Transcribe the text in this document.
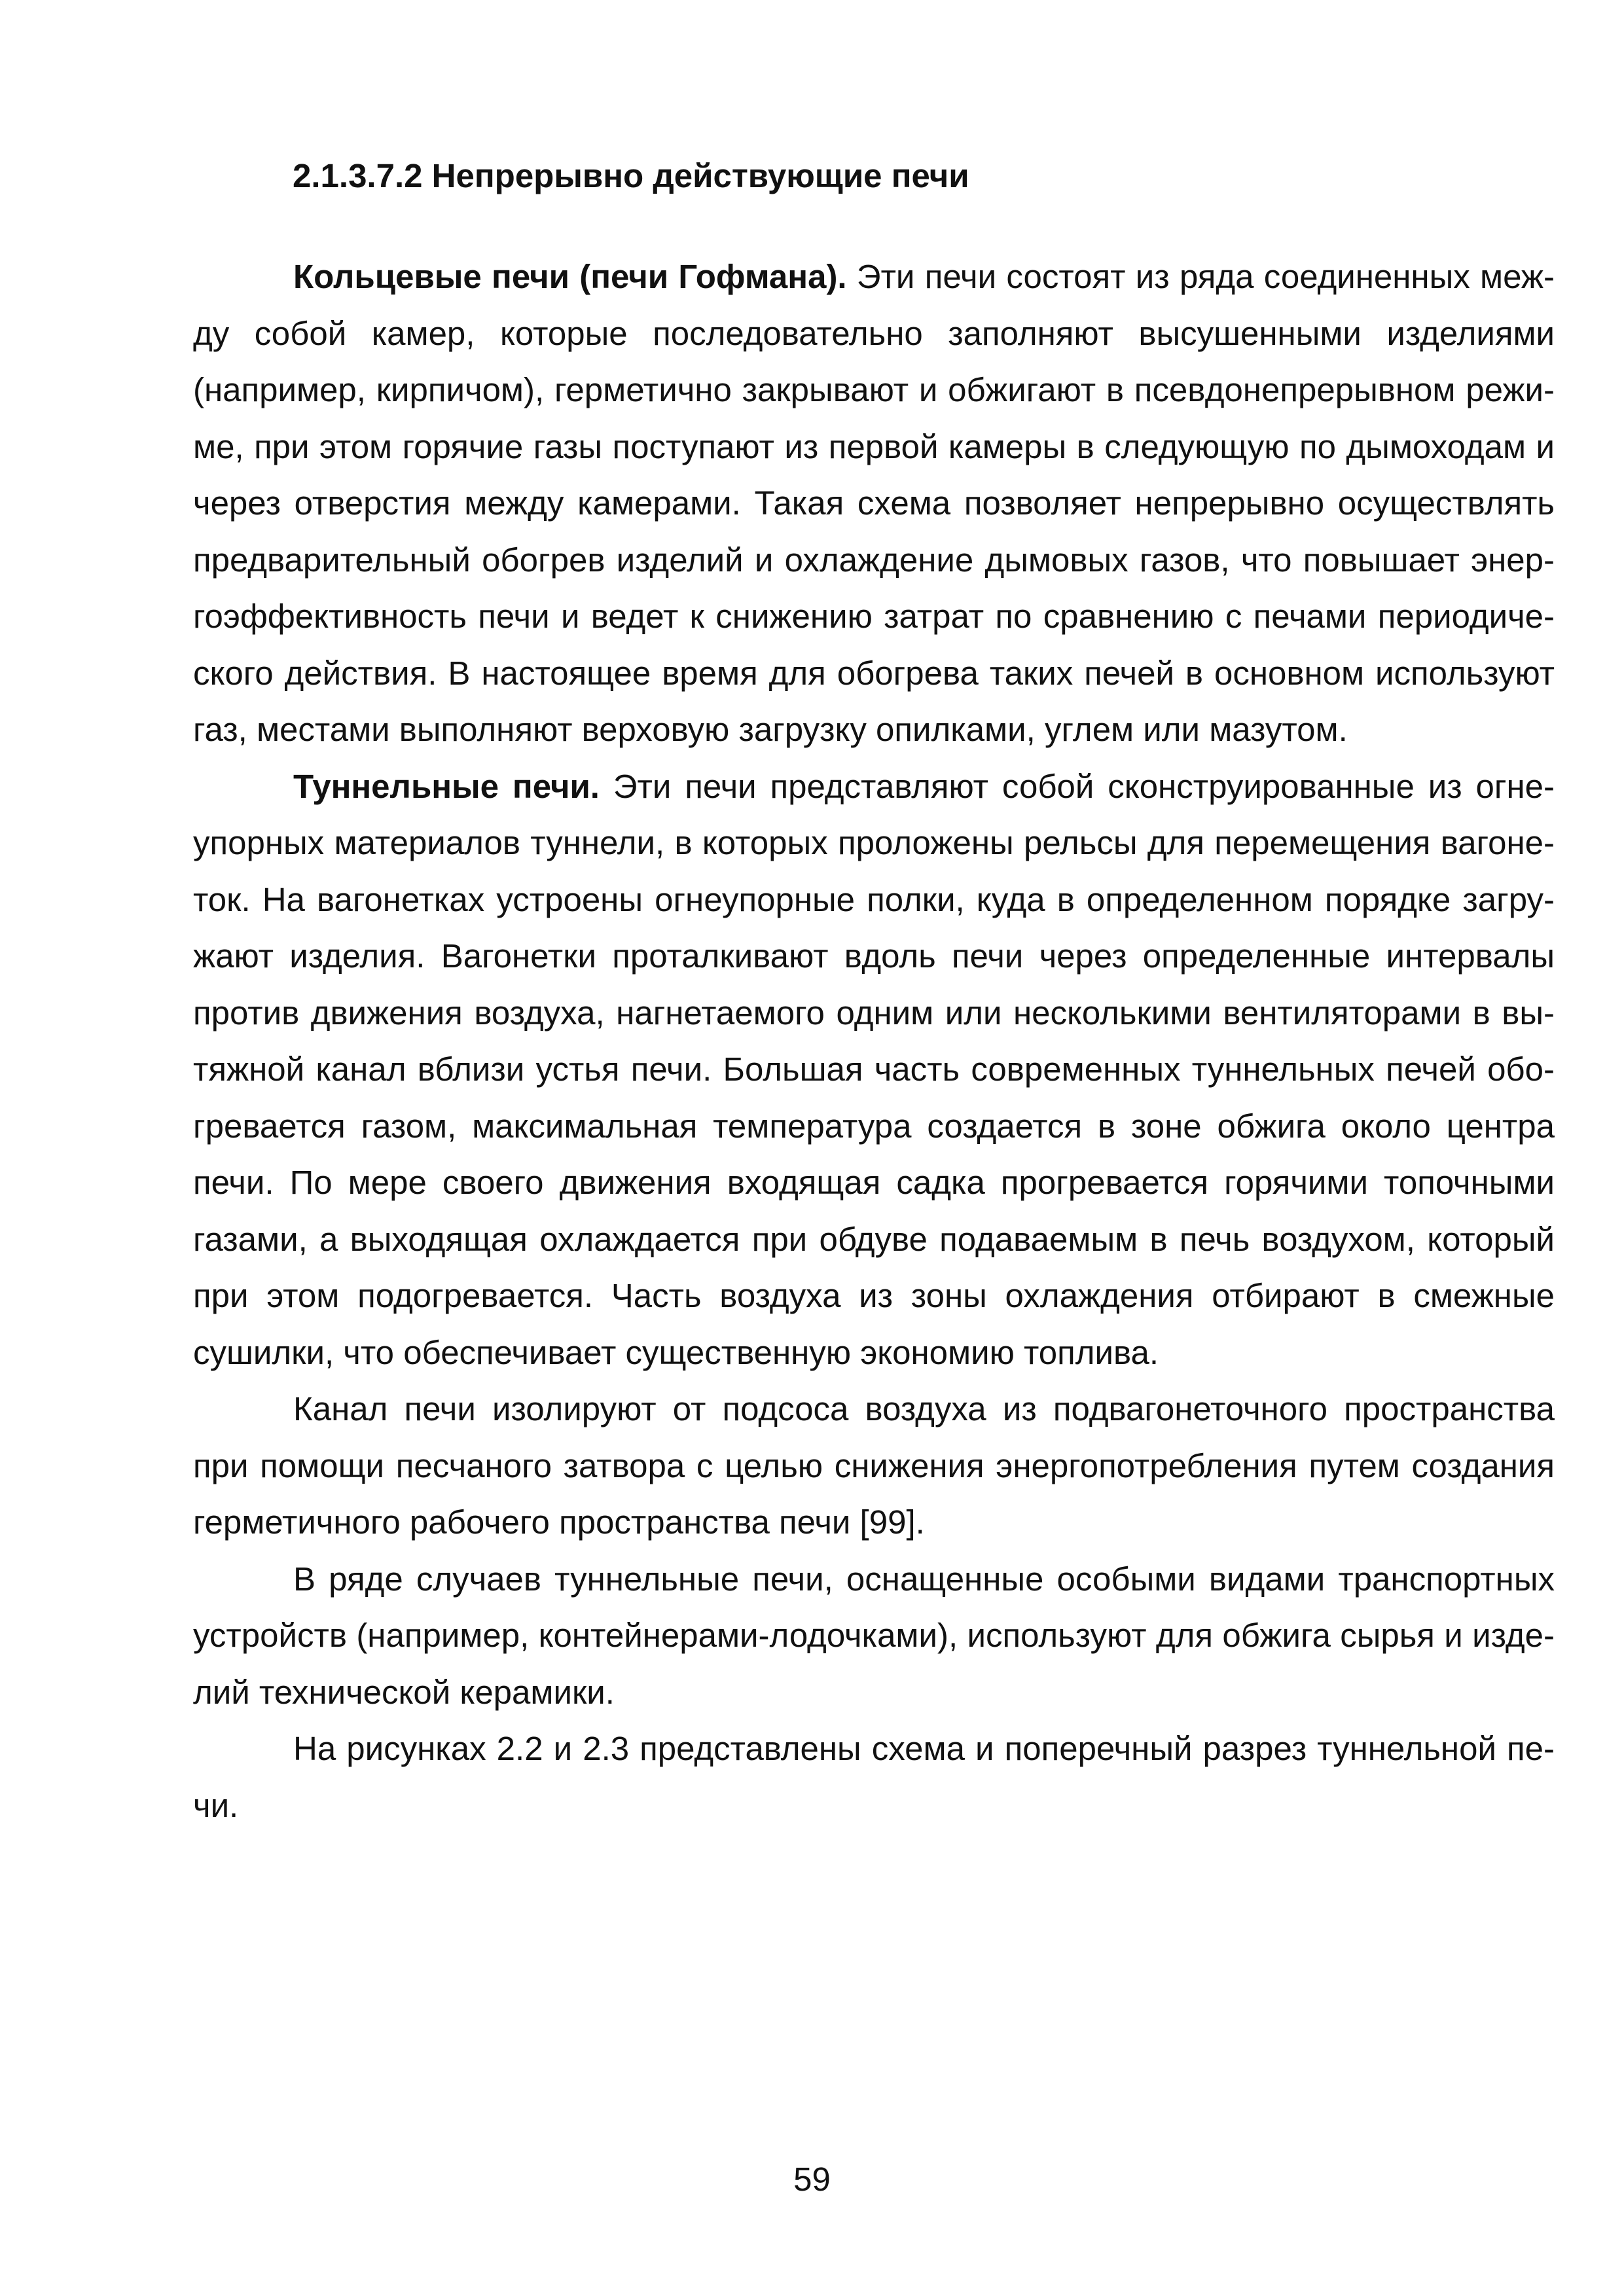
2.1.3.7.2 Непрерывно действующие печи

Кольцевые печи (печи Гофмана). Эти печи состоят из ряда соединенных между собой камер, которые последовательно заполняют высушенными изделиями (например, кирпичом), герметично закрывают и обжигают в псевдонепрерывном режиме, при этом горячие газы поступают из первой камеры в следующую по дымоходам и через отверстия между камерами. Такая схема позволяет непрерывно осуществлять предварительный обогрев изделий и охлаждение дымовых газов, что повышает энергоэффективность печи и ведет к снижению затрат по сравнению с печами периодического действия. В настоящее время для обогрева таких печей в основном используют газ, местами выполняют верховую загрузку опилками, углем или мазутом.

Туннельные печи. Эти печи представляют собой сконструированные из огнеупорных материалов туннели, в которых проложены рельсы для перемещения вагонеток. На вагонетках устроены огнеупорные полки, куда в определенном порядке загружают изделия. Вагонетки проталкивают вдоль печи через определенные интервалы против движения воздуха, нагнетаемого одним или несколькими вентиляторами в вытяжной канал вблизи устья печи. Большая часть современных туннельных печей обогревается газом, максимальная температура создается в зоне обжига около центра печи. По мере своего движения входящая садка прогревается горячими топочными газами, а выходящая охлаждается при обдуве подаваемым в печь воздухом, который при этом подогревается. Часть воздуха из зоны охлаждения отбирают в смежные сушилки, что обеспечивает существенную экономию топлива.

Канал печи изолируют от подсоса воздуха из подвагонеточного пространства при помощи песчаного затвора с целью снижения энергопотребления путем создания герметичного рабочего пространства печи [99].

В ряде случаев туннельные печи, оснащенные особыми видами транспортных устройств (например, контейнерами-лодочками), используют для обжига сырья и изделий технической керамики.

На рисунках 2.2 и 2.3 представлены схема и поперечный разрез туннельной печи.

59
